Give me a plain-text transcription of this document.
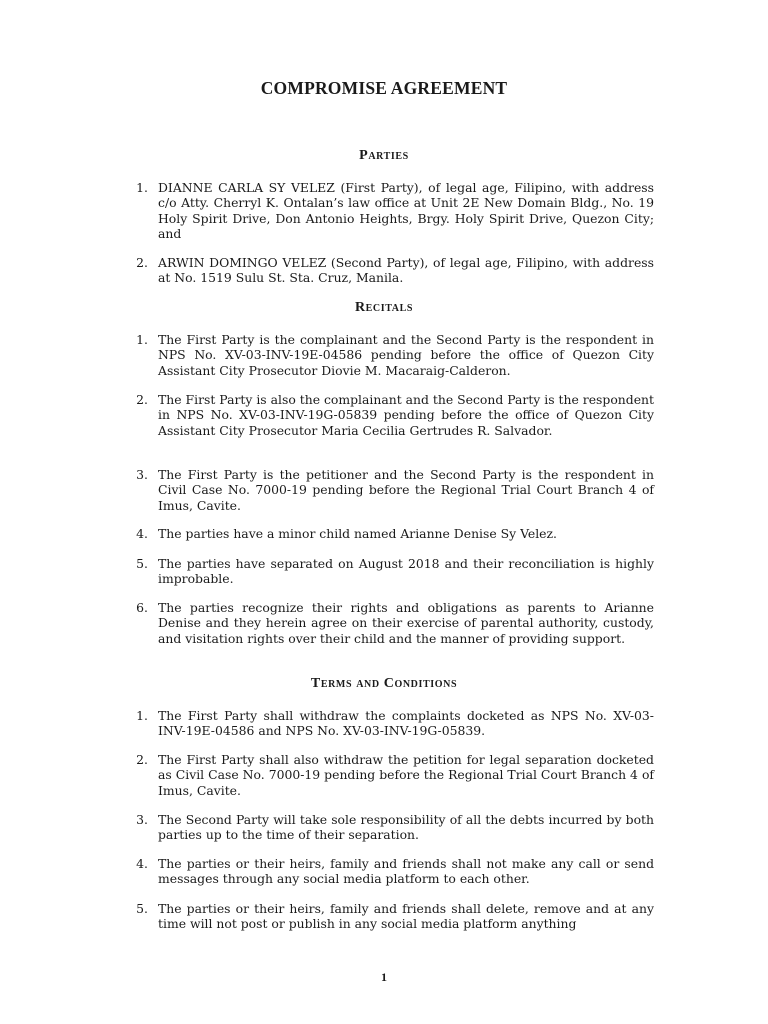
COMPROMISE AGREEMENT
Parties
1. DIANNE CARLA SY VELEZ (First Party), of legal age, Filipino, with address c/o Atty. Cherryl K. Ontalan’s law office at Unit 2E New Domain Bldg., No. 19 Holy Spirit Drive, Don Antonio Heights, Brgy. Holy Spirit Drive, Quezon City; and
2. ARWIN DOMINGO VELEZ (Second Party), of legal age, Filipino, with address at No. 1519 Sulu St. Sta. Cruz, Manila.
Recitals
1. The First Party is the complainant and the Second Party is the respondent in NPS No. XV-03-INV-19E-04586 pending before the office of Quezon City Assistant City Prosecutor Diovie M. Macaraig-Calderon.
2. The First Party is also the complainant and the Second Party is the respondent in NPS No. XV-03-INV-19G-05839 pending before the office of Quezon City Assistant City Prosecutor Maria Cecilia Gertrudes R. Salvador.
3. The First Party is the petitioner and the Second Party is the respondent in Civil Case No. 7000-19 pending before the Regional Trial Court Branch 4 of Imus, Cavite.
4. The parties have a minor child named Arianne Denise Sy Velez.
5. The parties have separated on August 2018 and their reconciliation is highly improbable.
6. The parties recognize their rights and obligations as parents to Arianne Denise and they herein agree on their exercise of parental authority, custody, and visitation rights over their child and the manner of providing support.
Terms and Conditions
1. The First Party shall withdraw the complaints docketed as NPS No. XV-03-INV-19E-04586 and NPS No. XV-03-INV-19G-05839.
2. The First Party shall also withdraw the petition for legal separation docketed as Civil Case No. 7000-19 pending before the Regional Trial Court Branch 4 of Imus, Cavite.
3. The Second Party will take sole responsibility of all the debts incurred by both parties up to the time of their separation.
4. The parties or their heirs, family and friends shall not make any call or send messages through any social media platform to each other.
5. The parties or their heirs, family and friends shall delete, remove and at any time will not post or publish in any social media platform anything
1
